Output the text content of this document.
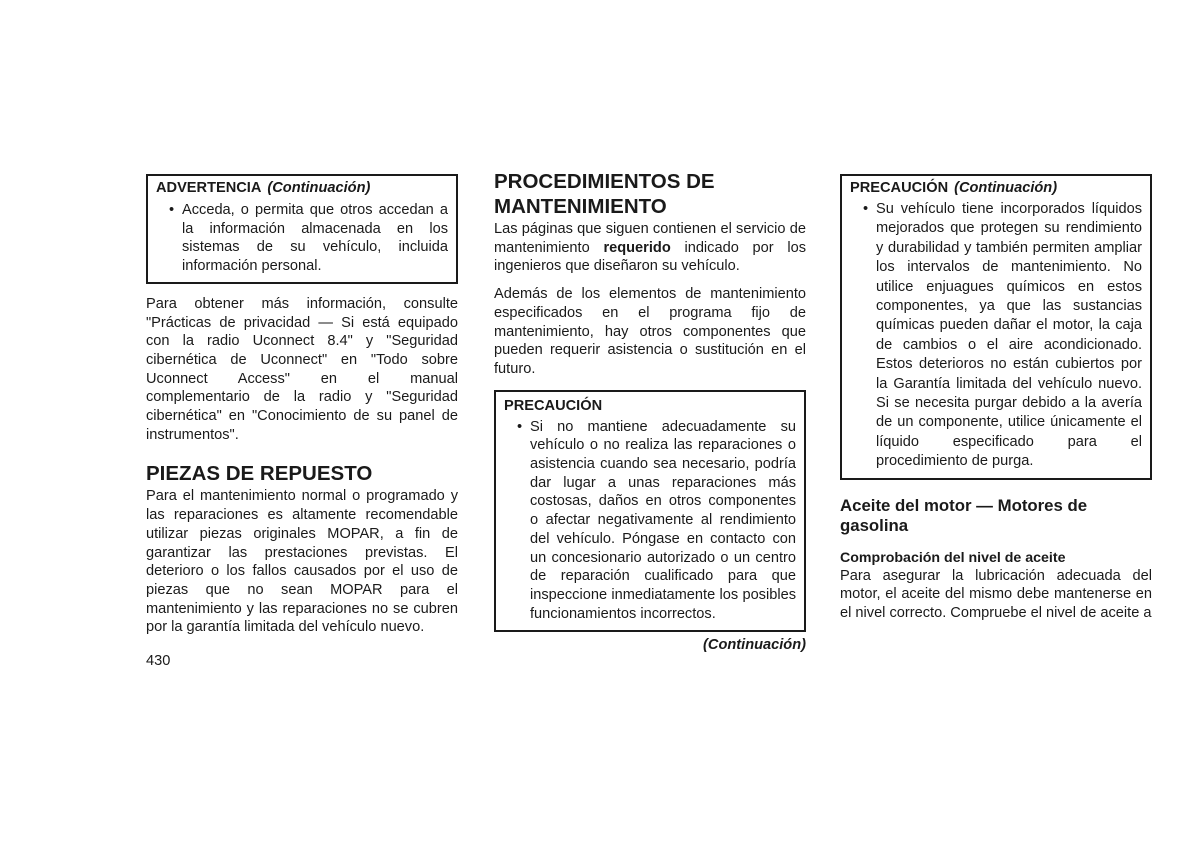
ADVERTENCIA (Continuación)
• Acceda, o permita que otros accedan a la información almacenada en los sistemas de su vehículo, incluida información personal.

Para obtener más información, consulte "Prácticas de privacidad — Si está equipado con la radio Uconnect 8.4" y "Seguridad cibernética de Uconnect" en "Todo sobre Uconnect Access" en el manual complementario de la radio y "Seguridad cibernética" en "Conocimiento de su panel de instrumentos".

PIEZAS DE REPUESTO

Para el mantenimiento normal o programado y las reparaciones es altamente recomendable utilizar piezas originales MOPAR, a fin de garantizar las prestaciones previstas. El deterioro o los fallos causados por el uso de piezas que no sean MOPAR para el mantenimiento y las reparaciones no se cubren por la garantía limitada del vehículo nuevo.

PROCEDIMIENTOS DE
MANTENIMIENTO

Las páginas que siguen contienen el servicio de mantenimiento requerido indicado por los ingenieros que diseñaron su vehículo.

Además de los elementos de mantenimiento especificados en el programa fijo de mantenimiento, hay otros componentes que pueden requerir asistencia o sustitución en el futuro.

PRECAUCIÓN
• Si no mantiene adecuadamente su vehículo o no realiza las reparaciones o asistencia cuando sea necesario, podría dar lugar a unas reparaciones más costosas, daños en otros componentes o afectar negativamente al rendimiento del vehículo. Póngase en contacto con un concesionario autorizado o un centro de reparación cualificado para que inspeccione inmediatamente los posibles funcionamientos incorrectos.
(Continuación)
PRECAUCIÓN (Continuación)
• Su vehículo tiene incorporados líquidos mejorados que protegen su rendimiento y durabilidad y también permiten ampliar los intervalos de mantenimiento. No utilice enjuagues químicos en estos componentes, ya que las sustancias químicas pueden dañar el motor, la caja de cambios o el aire acondicionado. Estos deterioros no están cubiertos por la Garantía limitada del vehículo nuevo. Si se necesita purgar debido a la avería de un componente, utilice únicamente el líquido especificado para el procedimiento de purga.
Aceite del motor — Motores de gasolina
Comprobación del nivel de aceite

Para asegurar la lubricación adecuada del motor, el aceite del mismo debe mantenerse en el nivel correcto. Compruebe el nivel de aceite a

430
